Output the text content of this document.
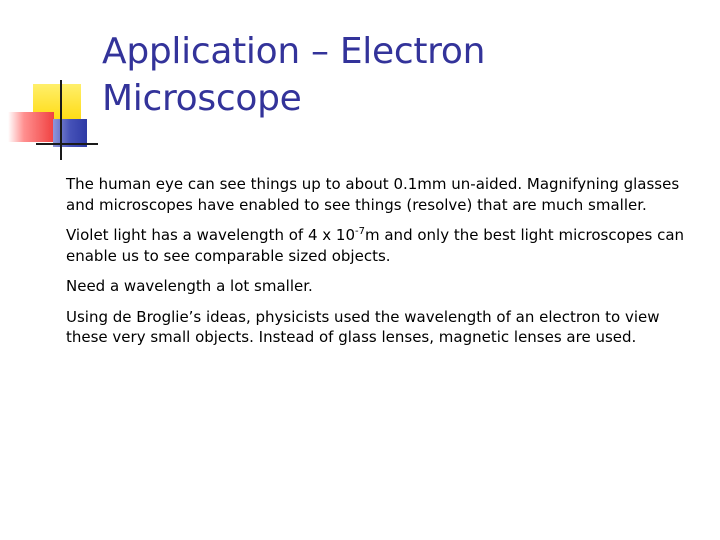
Application – Electron
Microscope

The human eye can see things up to about 0.1mm un-aided. Magnifyning glasses and microscopes have enabled to see things (resolve) that are much smaller.

Violet light has a wavelength of 4 x $10^{-7}m$ and only the best light microscopes can enable us to see comparable sized objects.

Need a wavelength a lot smaller.

Using de Broglie’s ideas, physicists used the wavelength of an electron to view these very small objects. Instead of glass lenses, magnetic lenses are used.
